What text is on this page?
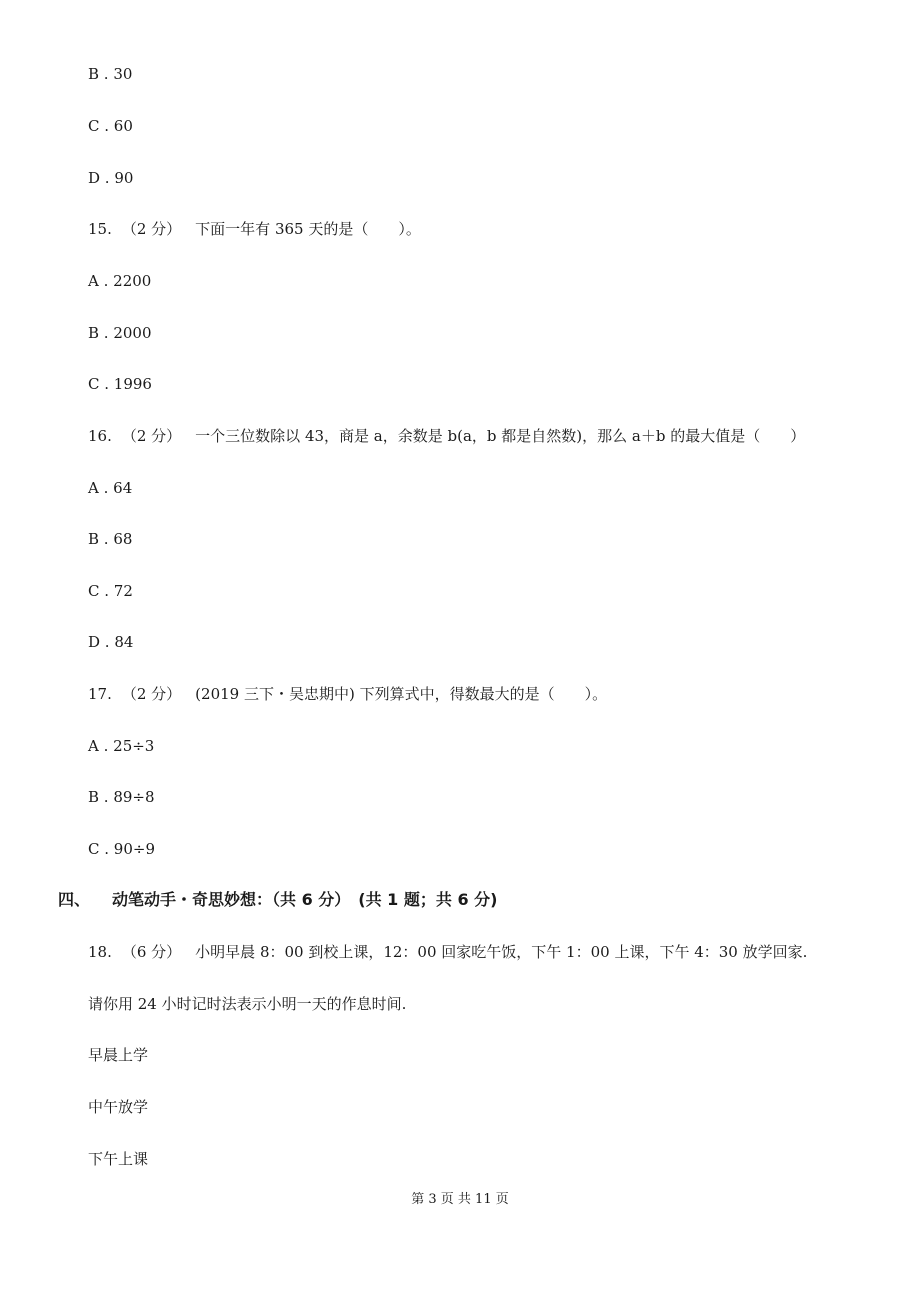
B . 30
C . 60
D . 90
15. （2 分） 下面一年有 365 天的是（　　）。
A . 2200
B . 2000
C . 1996
16. （2 分） 一个三位数除以 43，商是 a，余数是 b(a，b 都是自然数)，那么 a＋b 的最大值是（　　）
A . 64
B . 68
C . 72
D . 84
17. （2 分） (2019 三下・吴忠期中) 下列算式中，得数最大的是（　　）。
A . 25÷3
B . 89÷8
C . 90÷9
四、 动笔动手・奇思妙想：（共 6 分）　(共 1 题；共 6 分)
18. （6 分） 小明早晨 8：00 到校上课，12：00 回家吃午饭，下午 1：00 上课，下午 4：30 放学回家.
请你用 24 小时记时法表示小明一天的作息时间.
早晨上学
中午放学
下午上课
第 3 页 共 11 页
